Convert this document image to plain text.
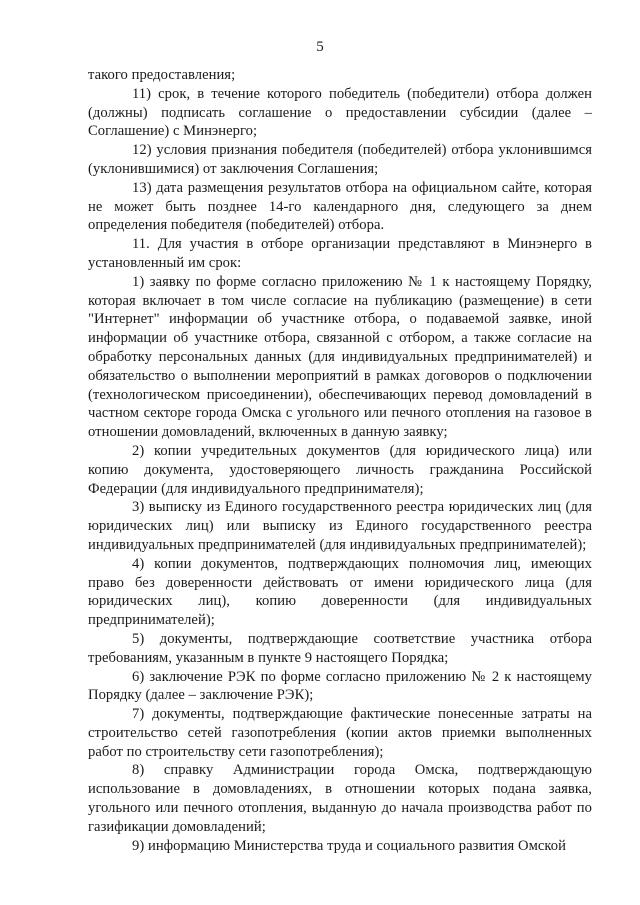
5

такого предоставления;

11) срок, в течение которого победитель (победители) отбора должен (должны) подписать соглашение о предоставлении субсидии (далее – Соглашение) с Минэнерго;

12) условия признания победителя (победителей) отбора уклонившимся (уклонившимися) от заключения Соглашения;

13) дата размещения результатов отбора на официальном сайте, которая не может быть позднее 14-го календарного дня, следующего за днем определения победителя (победителей) отбора.

11. Для участия в отборе организации представляют в Минэнерго в установленный им срок:

1) заявку по форме согласно приложению № 1 к настоящему Порядку, которая включает в том числе согласие на публикацию (размещение) в сети "Интернет" информации об участнике отбора, о подаваемой заявке, иной информации об участнике отбора, связанной с отбором, а также согласие на обработку персональных данных (для индивидуальных предпринимателей) и обязательство о выполнении мероприятий в рамках договоров о подключении (технологическом присоединении), обеспечивающих перевод домовладений в частном секторе города Омска с угольного или печного отопления на газовое в отношении домовладений, включенных в данную заявку;

2) копии учредительных документов (для юридического лица) или копию документа, удостоверяющего личность гражданина Российской Федерации (для индивидуального предпринимателя);

3) выписку из Единого государственного реестра юридических лиц (для юридических лиц) или выписку из Единого государственного реестра индивидуальных предпринимателей (для индивидуальных предпринимателей);

4) копии документов, подтверждающих полномочия лиц, имеющих право без доверенности действовать от имени юридического лица (для юридических лиц), копию доверенности (для индивидуальных предпринимателей);

5) документы, подтверждающие соответствие участника отбора требованиям, указанным в пункте 9 настоящего Порядка;

6) заключение РЭК по форме согласно приложению № 2 к настоящему Порядку (далее – заключение РЭК);

7) документы, подтверждающие фактические понесенные затраты на строительство сетей газопотребления (копии актов приемки выполненных работ по строительству сети газопотребления);

8) справку Администрации города Омска, подтверждающую использование в домовладениях, в отношении которых подана заявка, угольного или печного отопления, выданную до начала производства работ по газификации домовладений;

9) информацию Министерства труда и социального развития Омской
